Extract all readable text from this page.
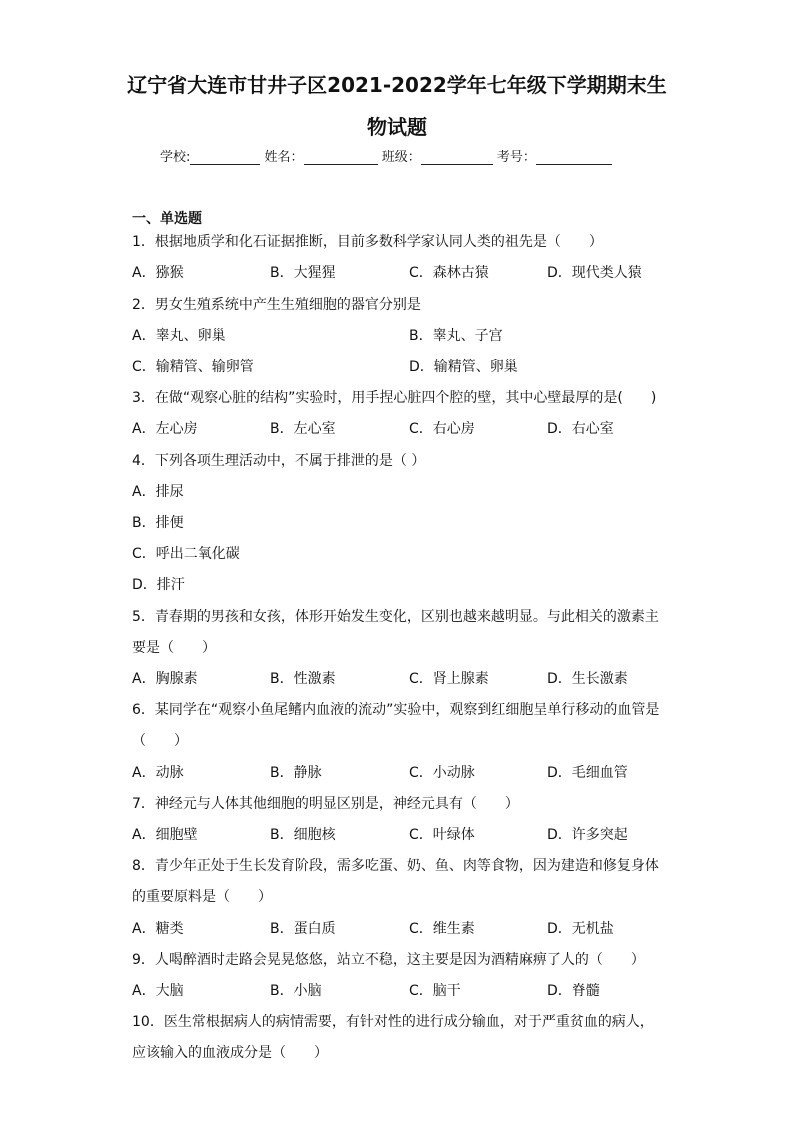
辽宁省大连市甘井子区2021-2022学年七年级下学期期末生
物试题
学校:	姓名：	班级：	考号：
一、单选题
1．根据地质学和化石证据推断，目前多数科学家认同人类的祖先是（　　）
A．猕猴	B．大猩猩	C．森林古猿	D．现代类人猿
2．男女生殖系统中产生生殖细胞的器官分别是
A．睾丸、卵巢	B．睾丸、子宫
C．输精管、输卵管	D．输精管、卵巢
3．在做“观察心脏的结构”实验时，用手捏心脏四个腔的壁，其中心壁最厚的是(　　)
A．左心房	B．左心室	C．右心房	D．右心室
4．下列各项生理活动中，不属于排泄的是（ ）
A．排尿
B．排便
C．呼出二氧化碳
D．排汗
5．青春期的男孩和女孩，体形开始发生变化，区别也越来越明显。与此相关的激素主
要是（　　）
A．胸腺素	B．性激素	C．肾上腺素	D．生长激素
6．某同学在“观察小鱼尾鳍内血液的流动”实验中，观察到红细胞呈单行移动的血管是
（　　）
A．动脉	B．静脉	C．小动脉	D．毛细血管
7．神经元与人体其他细胞的明显区别是，神经元具有（　　）
A．细胞壁	B．细胞核	C．叶绿体	D．许多突起
8．青少年正处于生长发育阶段，需多吃蛋、奶、鱼、肉等食物，因为建造和修复身体
的重要原料是（　　）
A．糖类	B．蛋白质	C．维生素	D．无机盐
9．人喝醉酒时走路会晃晃悠悠，站立不稳，这主要是因为酒精麻痹了人的（　　）
A．大脑	B．小脑	C．脑干	D．脊髓
10．医生常根据病人的病情需要，有针对性的进行成分输血，对于严重贫血的病人，
应该输入的血液成分是（　　）
